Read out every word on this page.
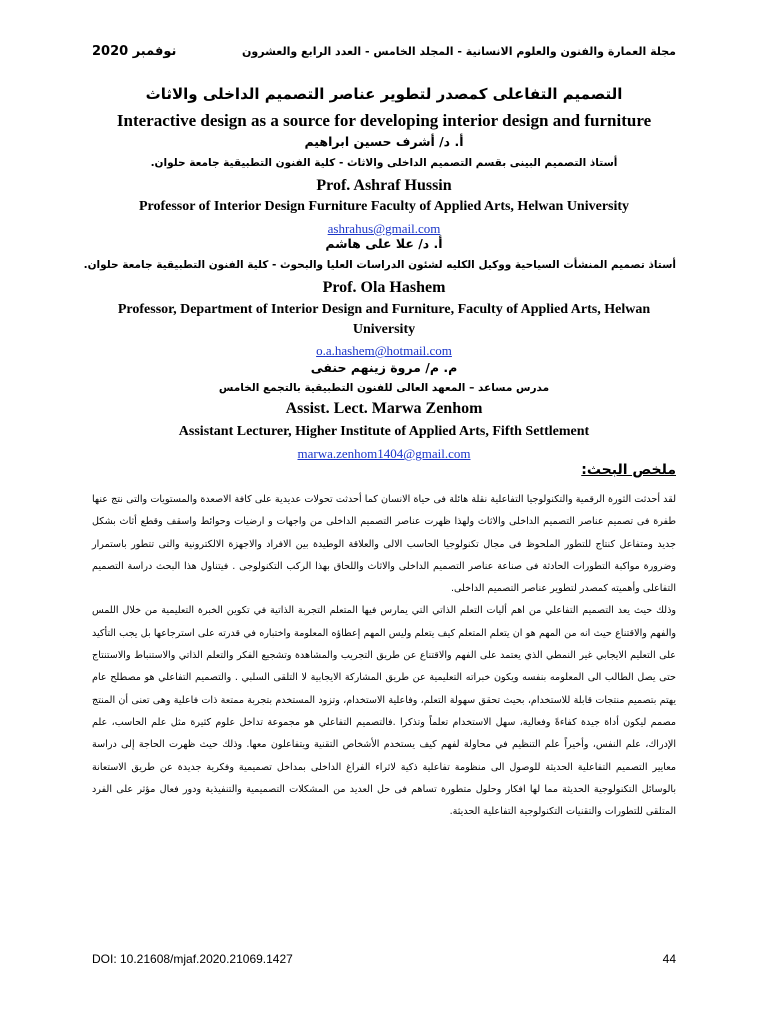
نوفمبر 2020	مجلة العمارة والفنون والعلوم الانسانية - المجلد الخامس - العدد الرابع والعشرون
التصميم التفاعلى كمصدر لتطوير عناصر التصميم الداخلى والاثاث
Interactive design as a source for developing interior design and furniture
أ. د/ أشرف حسين ابراهيم
أستاذ التصميم البينى بقسم التصميم الداخلى والاثاث - كلية الفنون التطبيقية جامعة حلوان.
Prof. Ashraf Hussin
Professor of Interior Design Furniture Faculty of Applied Arts, Helwan University
ashrahus@gmail.com
أ. د/ علا على هاشم
أستاذ تصميم المنشأت السياحية ووكيل الكليه لشئون الدراسات العليا والبحوث - كلية الفنون التطبيقية جامعة حلوان.
Prof. Ola Hashem
Professor, Department of Interior Design and Furniture, Faculty of Applied Arts, Helwan University
o.a.hashem@hotmail.com
م. م/ مروة زينهم حنفى
مدرس مساعد – المعهد العالى للفنون التطبيقية بالتجمع الخامس
Assist. Lect. Marwa Zenhom
Assistant Lecturer, Higher Institute of Applied Arts, Fifth Settlement
marwa.zenhom1404@gmail.com
ملخص البحث:

لقد أحدثت الثورة الرقمية والتكنولوجيا التفاعلية نقلة هائلة فى حياة الانسان كما أحدثت تحولات عديدية على كافة الاصعدة والمستويات والتى نتج عنها طفرة فى تصميم عناصر التصميم الداخلى والاثاث ولهذا ظهرت عناصر التصميم الداخلى من واجهات و ارضيات وحوائط واسقف وقطع أثاث بشكل جديد ومتفاعل كنتاج للتطور الملحوظ فى مجال تكنولوجيا الحاسب الالى والعلاقة الوطيدة بين الافراد والاجهزة الالكترونية والتى تتطور باستمرار وضرورة مواكبة التطورات الحادثة فى صناعة عناصر التصميم الداخلى والاثاث واللحاق بهذا الركب التكنولوجى . فيتناول هذا البحث دراسة التصميم التفاعلى وأهميته كمصدر لتطوير عناصر التصميم الداخلى.

وذلك حيث يعد التصميم التفاعلي من اهم أليات التعلم الذاتي التي يمارس فيها المتعلم التجربة الذاتية في تكوين الخبرة التعليمية من خلال اللمس والفهم والاقتناع حيث انه من المهم هو ان يتعلم المتعلم كيف يتعلم وليس المهم إعطاؤه المعلومة واختباره في قدرته على استرجاعها بل يجب التأكيد على التعليم الايجابي غير النمطي الذي يعتمد على الفهم والاقتناع عن طريق التجريب والمشاهدة وتشجيع الفكر والتعلم الذاتي والاستنباط والاستنتاج حتى يصل الطالب الى المعلومه بنفسه ويكون خبراته التعليمية عن طريق المشاركة الايجابية لا التلقى السلبي . والتصميم التفاعلي هو مصطلح عام يهتم بتصميم منتجات قابلة للاستخدام، بحيث تحقق سهولة التعلم، وفاعلية الاستخدام، وتزود المستخدم بتجربة ممتعة ذات فاعلية وهى تعنى أن المنتج مصمم ليكون أداة جيدة كفاءةً وفعالية، سهل الاستخدام تعلماً وتذكرا .فالتصميم التفاعلي هو مجموعة تداخل علوم كثيرة مثل علم الحاسب، علم الإدراك، علم النفس، وأخيراً علم التنظيم في محاولة لفهم كيف يستخدم الأشخاص التقنية ويتفاعلون معها. وذلك حيث ظهرت الحاجة إلى دراسة معايير التصميم التفاعلية الحديثة للوصول الى منظومة تفاعلية ذكية لاثراء الفراغ الداخلى بمداخل تصميمية وفكرية جديدة عن طريق الاستعانة بالوسائل التكنولوجية الحديثة مما لها افكار وحلول متطورة تساهم فى حل العديد من المشكلات التصميمية والتنفيذية ودور فعال مؤثر على الفرد المتلقى للتطورات والتقنيات التكنولوجية التفاعلية الحديثة.

DOI: 10.21608/mjaf.2020.21069.1427	44
